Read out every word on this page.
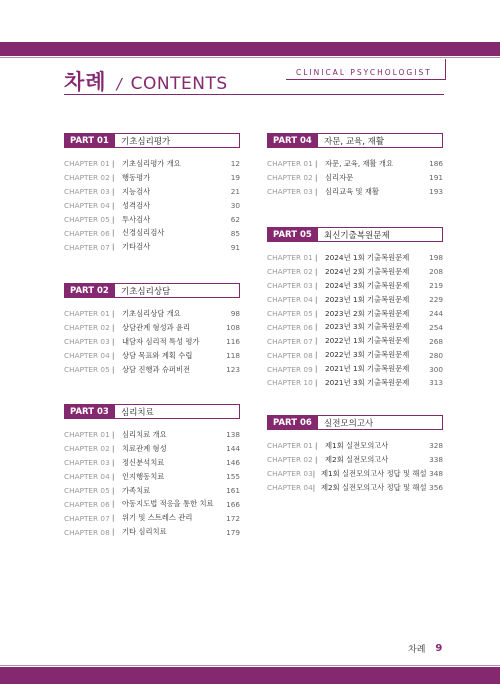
차례 / CONTENTS
CLINICAL PSYCHOLOGIST
PART 01	기초심리평가
CHAPTER 01 |	기초심리평가 개요	12
CHAPTER 02 |	행동평가	19
CHAPTER 03 |	지능검사	21
CHAPTER 04 |	성격검사	30
CHAPTER 05 |	투사검사	62
CHAPTER 06 |	신경심리검사	85
CHAPTER 07 |	기타검사	91
PART 02	기초심리상담
CHAPTER 01 |	기초심리상담 개요	98
CHAPTER 02 |	상담관계 형성과 윤리	108
CHAPTER 03 |	내담자 심리적 특성 평가	116
CHAPTER 04 |	상담 목표와 계획 수립	118
CHAPTER 05 |	상담 진행과 슈퍼비전	123
PART 03	심리치료
CHAPTER 01 |	심리치료 개요	138
CHAPTER 02 |	치료관계 형성	144
CHAPTER 03 |	정신분석치료	146
CHAPTER 04 |	인지행동치료	155
CHAPTER 05 |	가족치료	161
CHAPTER 06 |	아동지도법 적응을 통한 치료	166
CHAPTER 07 |	위기 및 스트레스 관리	172
CHAPTER 08 |	기타 심리치료	179
PART 04	자문, 교육, 재활
CHAPTER 01 |	자문, 교육, 재활 개요	186
CHAPTER 02 |	심리자문	191
CHAPTER 03 |	심리교육 및 재활	193
PART 05	최신기출복원문제
CHAPTER 01 |	2024년 1회 기출복원문제	198
CHAPTER 02 |	2024년 2회 기출복원문제	208
CHAPTER 03 |	2024년 3회 기출복원문제	219
CHAPTER 04 |	2023년 1회 기출복원문제	229
CHAPTER 05 |	2023년 2회 기출복원문제	244
CHAPTER 06 |	2023년 3회 기출복원문제	254
CHAPTER 07 |	2022년 1회 기출복원문제	268
CHAPTER 08 |	2022년 3회 기출복원문제	280
CHAPTER 09 |	2021년 1회 기출복원문제	300
CHAPTER 10 |	2021년 3회 기출복원문제	313
PART 06	실전모의고사
CHAPTER 01 |	제1회 실전모의고사	328
CHAPTER 02 |	제2회 실전모의고사	338
CHAPTER 03 | 제1회 실전모의고사 정답 및 해설 348
CHAPTER 04 | 제2회 실전모의고사 정답 및 해설 356
차례 9
